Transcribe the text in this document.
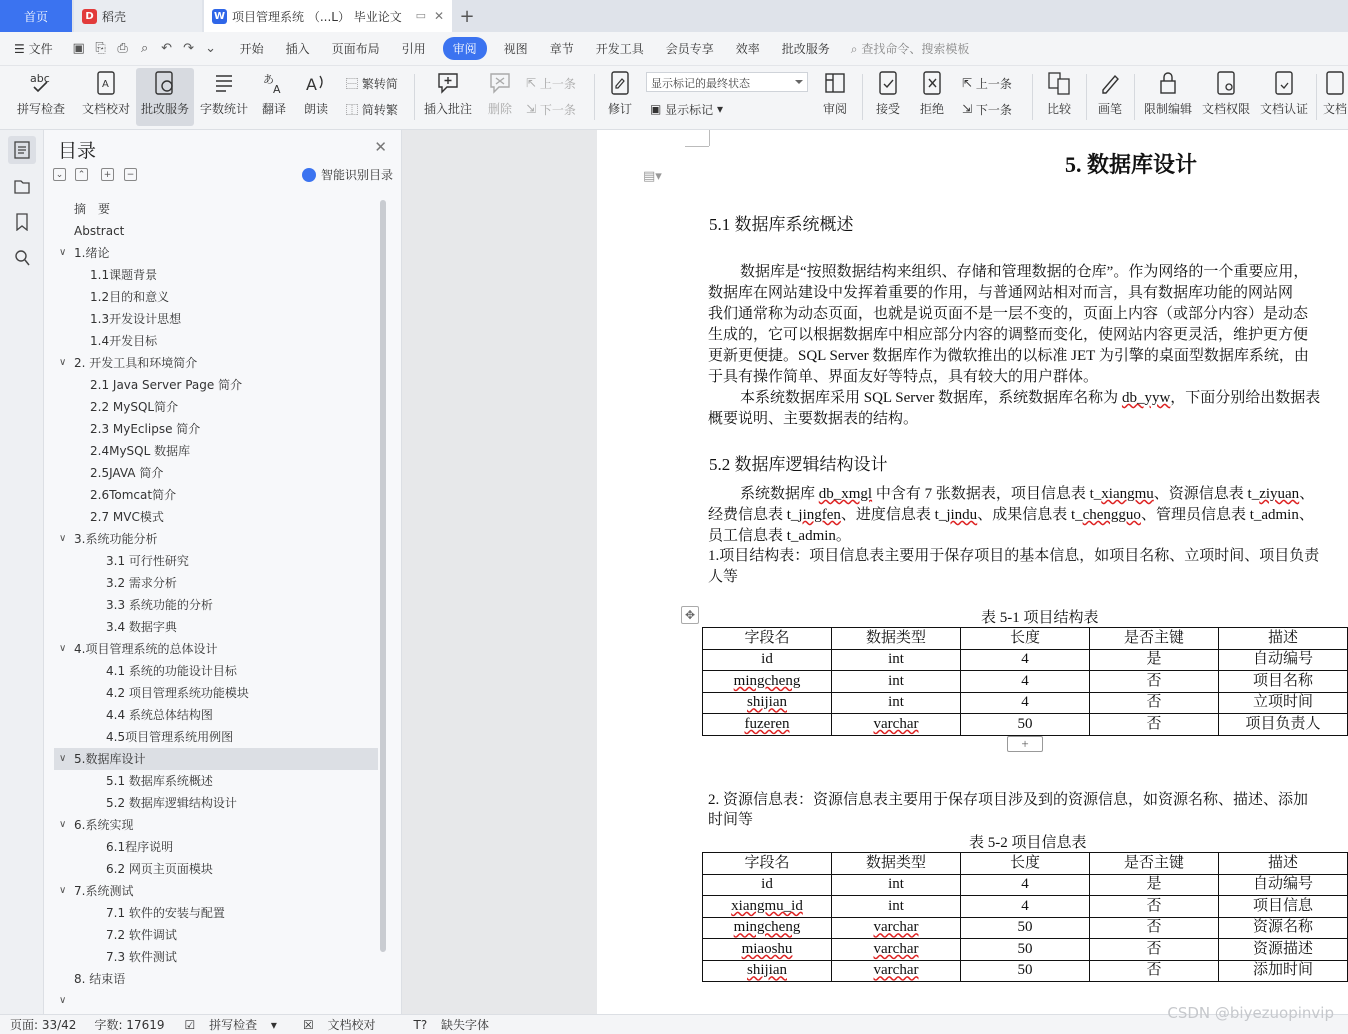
首页	D 稻壳	W 项目管理系统 （...L） 毕业论文 ▭ ✕ +
☰ 文件	▣ ⎘ ⎙	⌕ ↶ ↷ ⌄	开始 插入 页面布局 引用	审阅	视图 章节 开发工具 会员专享 效率 批改服务 ⌕ 查找命令、搜索模板
abc
拼写检查
A
文档校对 批改服务 字数统计
あ
A
翻译
A
朗读
⿱ 繁转简
⿰ 简转繁 插入批注 删除
⇱ 上一条
⇲ 下一条	修订
显示标记的最终状态
▣ 显示标记 ▾	审阅 接受 拒绝
⇱ 上一条
⇲ 下一条	比较 画笔 限制编辑 文档权限 文档认证 文档
目录	✕
⌄	⌃	+	−	智能识别目录
摘　要
Abstract
∨ 1.绪论
1.1课题背景
1.2目的和意义
1.3开发设计思想
1.4开发目标
∨ 2. 开发工具和环境简介
2.1 Java Server Page 简介
2.2 MySQL简介
2.3 MyEclipse 简介
2.4MySQL 数据库
2.5JAVA 简介
2.6Tomcat简介
2.7 MVC模式
∨ 3.系统功能分析
3.1 可行性研究
3.2 需求分析
3.3 系统功能的分析
3.4 数据字典
∨ 4.项目管理系统的总体设计
4.1 系统的功能设计目标
4.2 项目管理系统功能模块
4.4 系统总体结构图
4.5项目管理系统用例图
∨ 5.数据库设计
5.1 数据库系统概述
5.2 数据库逻辑结构设计
∨ 6.系统实现
6.1程序说明
6.2 网页主页面模块
∨ 7.系统测试
7.1 软件的安装与配置
7.2 软件调试
7.3 软件测试
8. 结束语
∨
▤▾	5. 数据库设计
5.1 数据库系统概述
数据库是“按照数据结构来组织、存储和管理数据的仓库”。作为网络的一个重要应用，
数据库在网站建设中发挥着重要的作用，与普通网站相对而言，具有数据库功能的网站网
我们通常称为动态页面，也就是说页面不是一层不变的，页面上内容（或部分内容）是动态
生成的，它可以根据数据库中相应部分内容的调整而变化，使网站内容更灵活，维护更方便
更新更便捷。SQL Server 数据库作为微软推出的以标准 JET 为引擎的桌面型数据库系统，由
于具有操作简单、界面友好等特点，具有较大的用户群体。
本系统数据库采用 SQL Server 数据库，系统数据库名称为 db_yyw，下面分别给出数据表
概要说明、主要数据表的结构。
5.2 数据库逻辑结构设计
系统数据库 db_xmgl 中含有 7 张数据表，项目信息表 t_xiangmu、资源信息表 t_ziyuan、
经费信息表 t_jingfen、进度信息表 t_jindu、成果信息表 t_chengguo、管理员信息表 t_admin、
员工信息表 t_admin。
1.项目结构表：项目信息表主要用于保存项目的基本信息，如项目名称、立项时间、项目负责
人等
✥	表 5-1 项目结构表
字段名	数据类型	长度	是否主键	描述
id	int	4	是	自动编号
mingcheng	int	4	否	项目名称
shijian	int	4	否	立项时间
fuzeren	varchar	50	否	项目负责人
+
2. 资源信息表：资源信息表主要用于保存项目涉及到的资源信息，如资源名称、描述、添加
时间等
表 5-2 项目信息表
字段名	数据类型	长度	是否主键	描述
id	int	4	是	自动编号
xiangmu_id	int	4	否	项目信息
mingcheng	varchar	50	否	资源名称
miaoshu	varchar	50	否	资源描述
shijian	varchar	50	否	添加时间
页面: 33/42 字数: 17619	☑ 拼写检查 ▾	☒ 文档校对	T? 缺失字体
CSDN @biyezuopinvip
